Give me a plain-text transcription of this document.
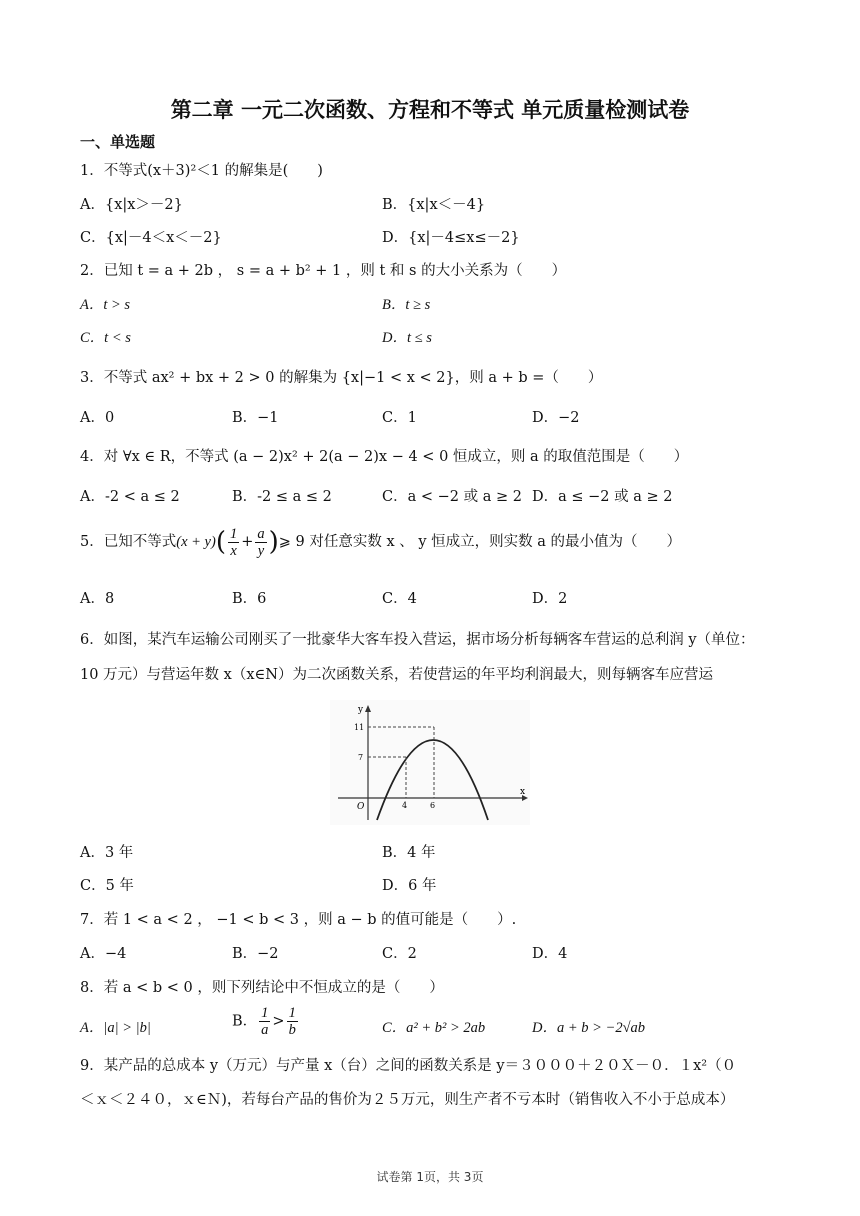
第二章 一元二次函数、方程和不等式 单元质量检测试卷
一、单选题
1．不等式(x＋3)²＜1 的解集是(　　)
A．{x|x＞－2}	B．{x|x＜－4}
C．{x|－4＜x＜－2}	D．{x|－4≤x≤－2}
2．已知 t = a + 2b ， s = a + b² + 1 ，则 t 和 s 的大小关系为（　　）
A．t > s	B．t ≥ s
C．t < s	D．t ≤ s
3．不等式 ax² + bx + 2 > 0 的解集为 {x|−1 < x < 2}，则 a + b =（　　）
A．0	B．−1	C．1	D．−2
4．对 ∀x ∈ R，不等式 (a − 2)x² + 2(a − 2)x − 4 < 0 恒成立，则 a 的取值范围是（　　）
A．-2 < a ≤ 2	B．-2 ≤ a ≤ 2	C．a < −2 或 a ≥ 2 D．a ≤ −2 或 a ≥ 2
5．已知不等式$(x + y)( \frac{1}{x} + \frac{a}{y}$ )⩾ 9 对任意实数 x 、 y 恒成立，则实数 a 的最小值为（　　）
A．8	B．6	C．4	D．2
6．如图，某汽车运输公司刚买了一批豪华大客车投入营运，据市场分析每辆客车营运的总利润 y（单位：
10 万元）与营运年数 x（x∈N）为二次函数关系，若使营运的年平均利润最大，则每辆客车应营运
y
x
O
11
7
4	6
A．3 年	B．4 年
C．5 年	D．6 年
7．若 1 < a < 2 ， −1 < b < 3 ，则 a − b 的值可能是（　　）.
A．−4	B．−2	C．2	D．4
8．若 a < b < 0 ，则下列结论中不恒成立的是（　　）
A．|a| > |b|	B． $\frac{1}{a} > \frac{1}{b}$	C．a² + b² > 2ab	D．a + b > −2√ab
9．某产品的总成本 y（万元）与产量 x（台）之间的函数关系是 y＝３０００＋２０Ｘ－０．１x²（０
＜ｘ＜２４０，ｘ∈Ｎ)，若每台产品的售价为２５万元，则生产者不亏本时（销售收入不小于总成本）
试卷第 1页，共 3页
